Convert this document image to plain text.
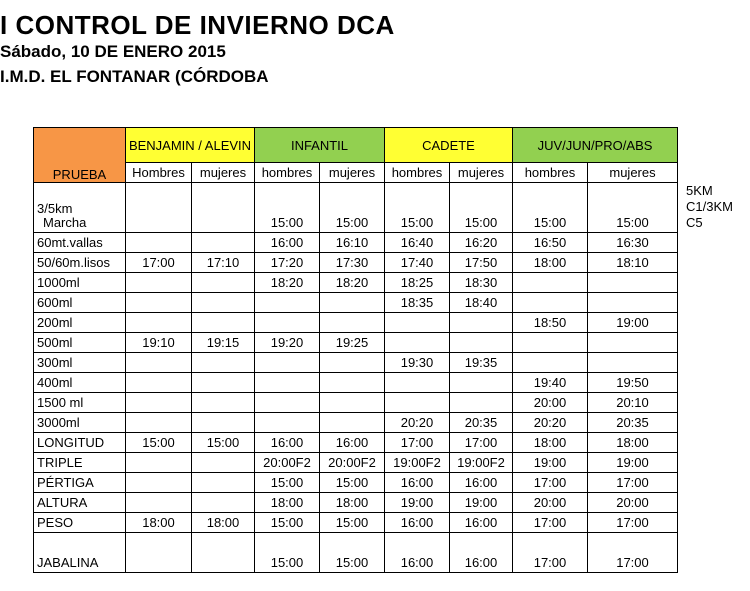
I CONTROL DE INVIERNO DCA
Sábado, 10 DE ENERO 2015
I.M.D. EL FONTANAR (CÓRDOBA
PRUEBA	BENJAMIN / ALEVIN		INFANTIL		CADETE		JUV/JUN/PRO/ABS	
	Hombres	mujeres	hombres	mujeres	hombres	mujeres	hombres	mujeres

3/5km
Marcha			15:00	15:00	15:00	15:00	15:00	15:00
60mt.vallas			16:00	16:10	16:40	16:20	16:50	16:30
50/60m.lisos	17:00	17:10	17:20	17:30	17:40	17:50	18:00	18:10
1000ml			18:20	18:20	18:25	18:30		
600ml					18:35	18:40		
200ml							18:50	19:00
500ml	19:10	19:15	19:20	19:25				
300ml					19:30	19:35		
400ml							19:40	19:50
1500 ml							20:00	20:10
3000ml					20:20	20:35	20:20	20:35
LONGITUD	15:00	15:00	16:00	16:00	17:00	17:00	18:00	18:00
TRIPLE			20:00F2	20:00F2	19:00F2	19:00F2	19:00	19:00
PÉRTIGA			15:00	15:00	16:00	16:00	17:00	17:00
ALTURA			18:00	18:00	19:00	19:00	20:00	20:00
PESO	18:00	18:00	15:00	15:00	16:00	16:00	17:00	17:00
JABALINA			15:00	15:00	16:00	16:00	17:00	17:00
5KM
C1/3KM
C5
